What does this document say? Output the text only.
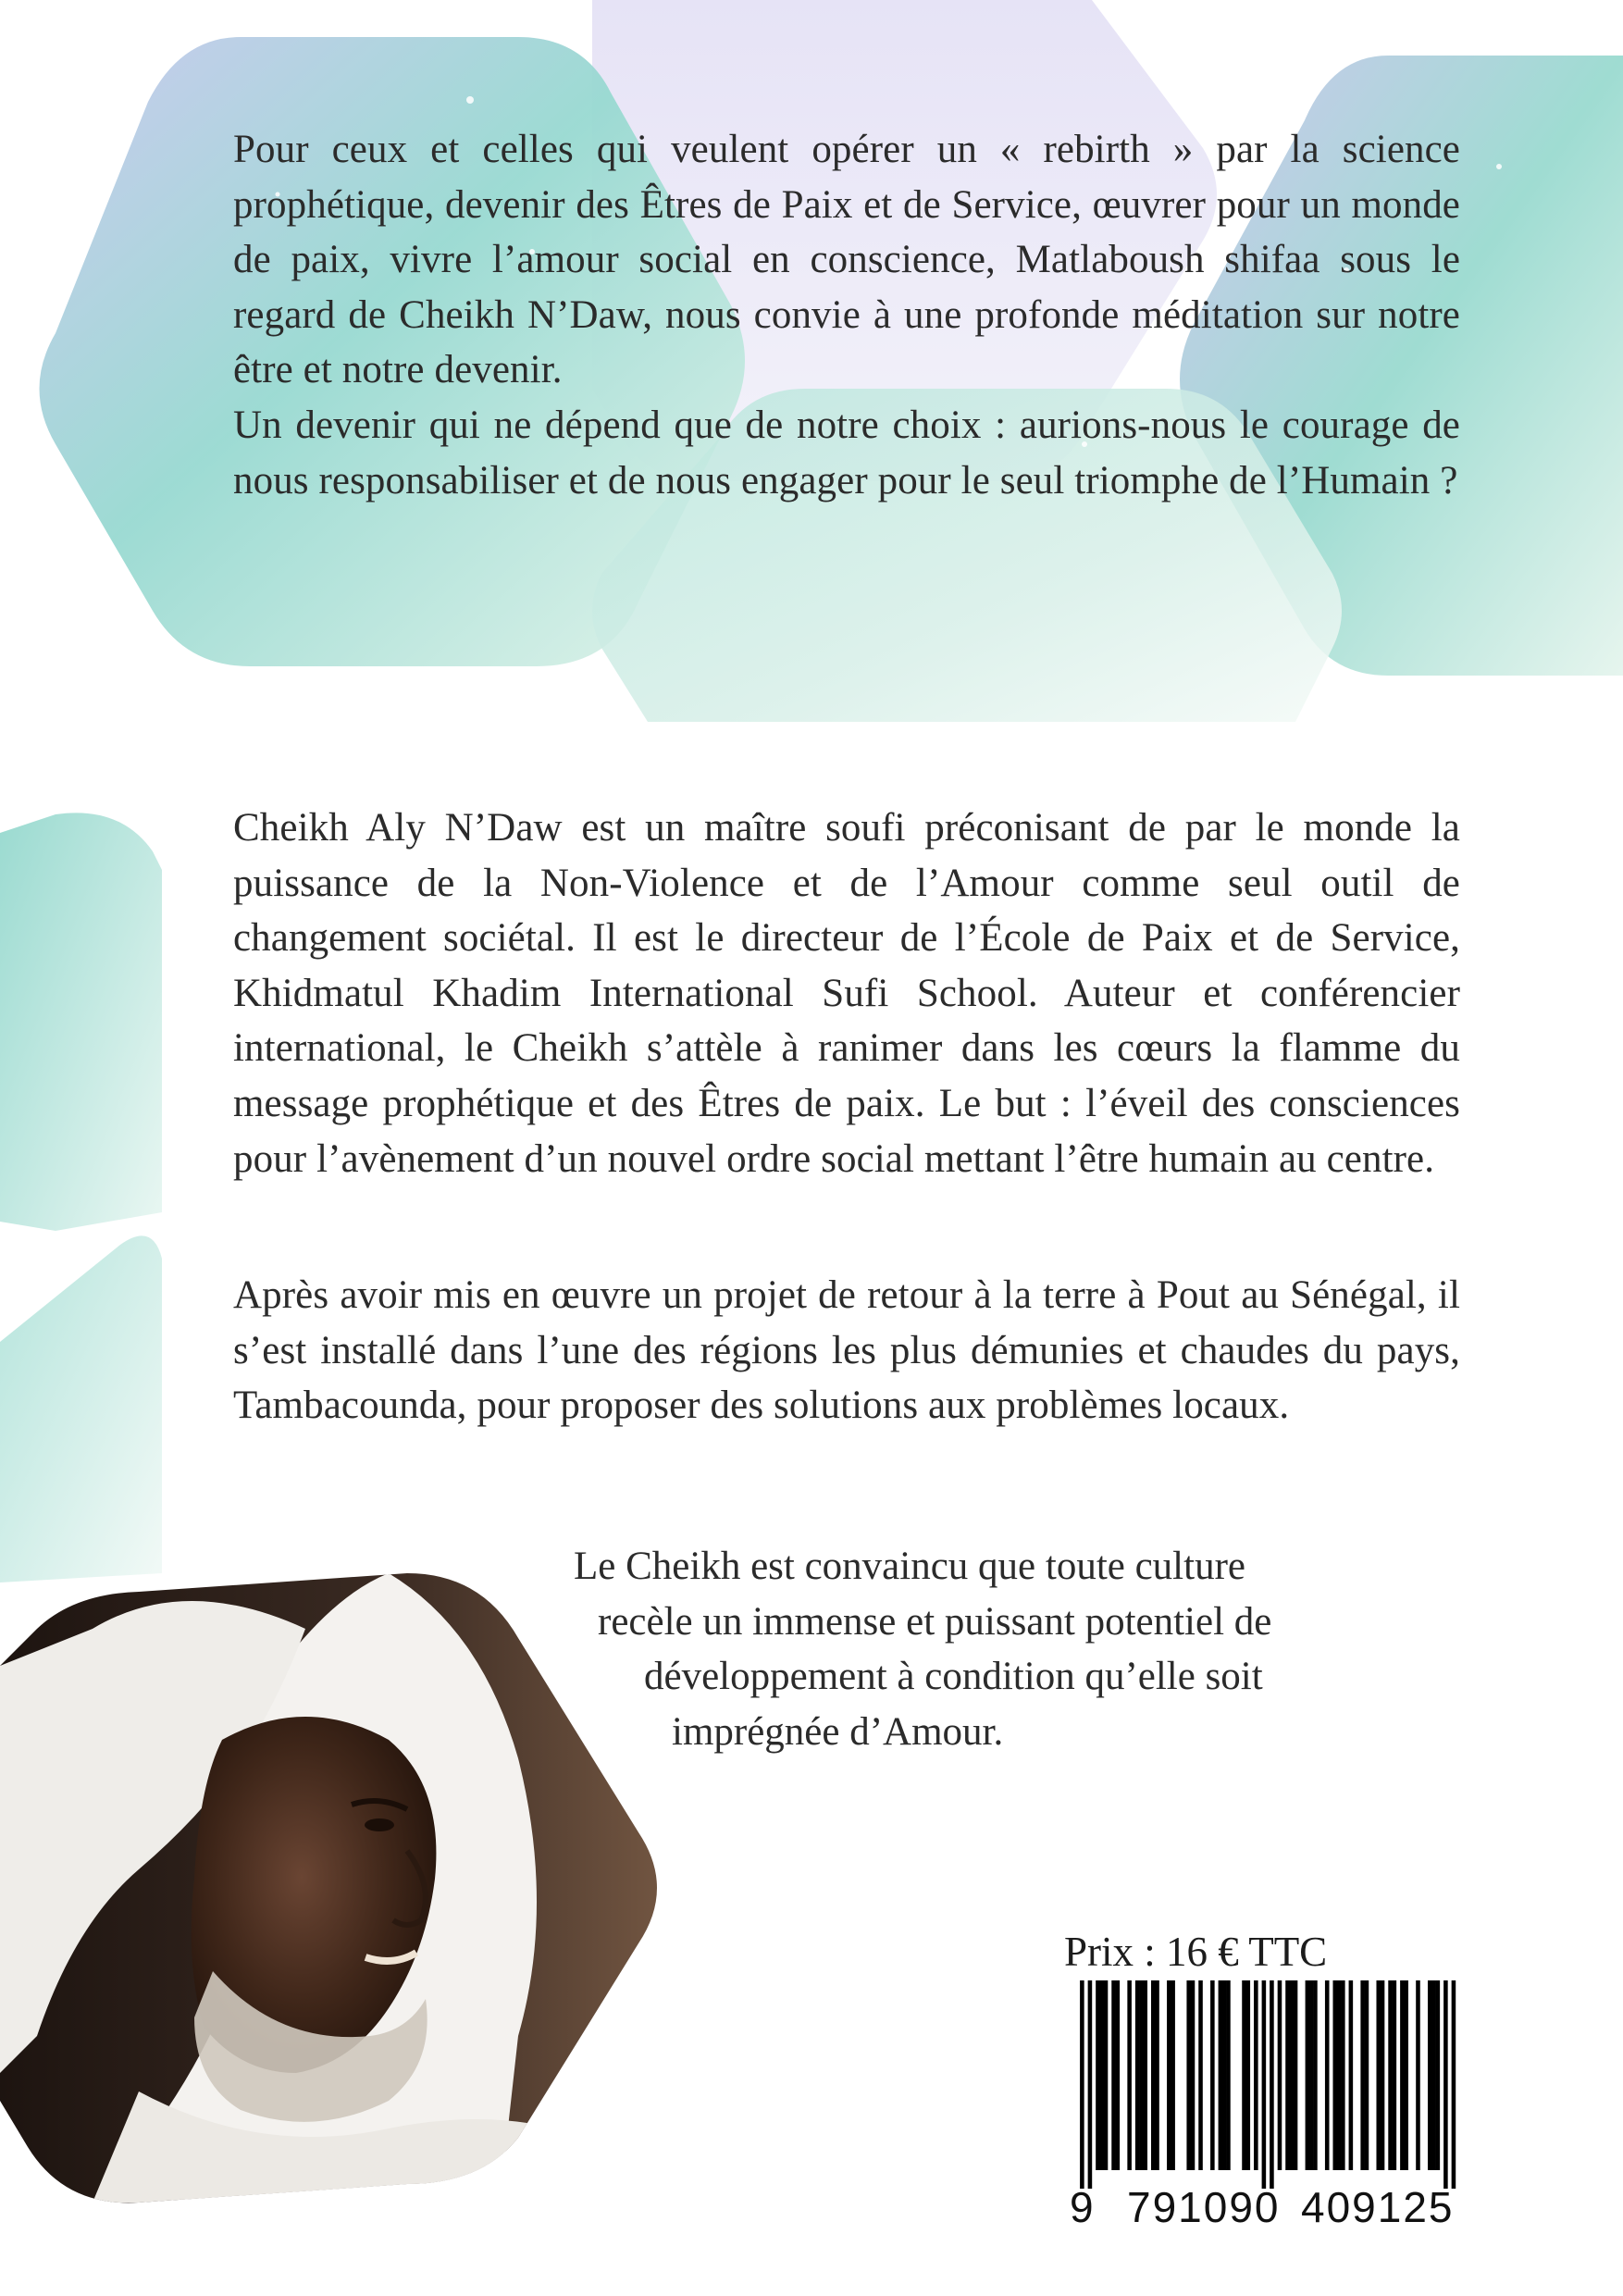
Pour ceux et celles qui veulent opérer un « rebirth » par la science prophétique, devenir des Êtres de Paix et de Service, œuvrer pour un monde de paix, vivre l’amour social en conscience, Matlaboush shifaa sous le regard de Cheikh N’Daw, nous convie à une profonde méditation sur notre être et notre devenir.
Un devenir qui ne dépend que de notre choix : aurions-nous le courage de nous responsabiliser et de nous engager pour le seul triomphe de l’Humain ?

Cheikh Aly N’Daw est un maître soufi préconisant de par le monde la puissance de la Non-Violence et de l’Amour comme seul outil de changement sociétal. Il est le directeur de l’École de Paix et de Service, Khidmatul Khadim International Sufi School. Auteur et conférencier international, le Cheikh s’attèle à ranimer dans les cœurs la flamme du message prophétique et des Êtres de paix. Le but : l’éveil des consciences pour l’avènement d’un nouvel ordre social mettant l’être humain au centre.

Après avoir mis en œuvre un projet de retour à la terre à Pout au Sénégal, il s’est installé dans l’une des régions les plus démunies et chaudes du pays, Tambacounda, pour proposer des solutions aux problèmes locaux.

Le Cheikh est convaincu que toute culture
recèle un immense et puissant potentiel de
développement à condition qu’elle soit
imprégnée d’Amour.

Prix : 16 € TTC
9 791090 409125
